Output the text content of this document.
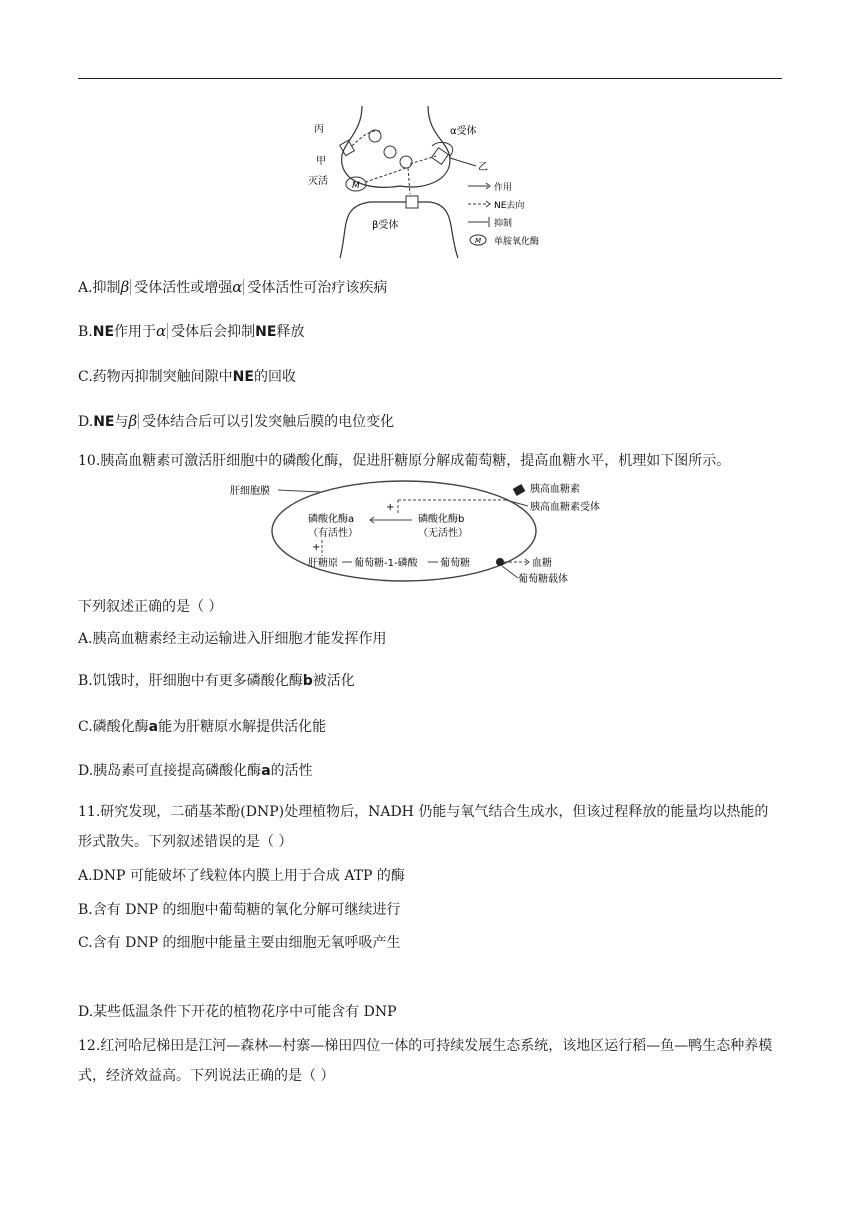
M
丙
甲
灭活
α受体
乙
β受体
作用
NE去向
抑制
M 单胺氧化酶
A.抑制β 受体活性或增强α 受体活性可治疗该疾病
B.NE作用于α 受体后会抑制NE释放
C.药物丙抑制突触间隙中NE的回收
D.NE与β 受体结合后可以引发突触后膜的电位变化
10.胰高血糖素可激活肝细胞中的磷酸化酶，促进肝糖原分解成葡萄糖，提高血糖水平，机理如下图所示。
肝细胞膜	胰高血糖素
胰高血糖素受体
+
磷酸化酶a
（有活性）
磷酸化酶b
（无活性）
+
肝糖原 葡萄糖-1-磷酸 葡萄糖	血糖
葡萄糖载体
下列叙述正确的是（ ）
A.胰高血糖素经主动运输进入肝细胞才能发挥作用
B.饥饿时，肝细胞中有更多磷酸化酶b被活化
C.磷酸化酶a能为肝糖原水解提供活化能
D.胰岛素可直接提高磷酸化酶a的活性
11.研究发现，二硝基苯酚(DNP)处理植物后，NADH 仍能与氧气结合生成水，但该过程释放的能量均以热能的形式散失。下列叙述错误的是（ ）
A.DNP 可能破坏了线粒体内膜上用于合成 ATP 的酶
B.含有 DNP 的细胞中葡萄糖的氧化分解可继续进行
C.含有 DNP 的细胞中能量主要由细胞无氧呼吸产生
D.某些低温条件下开花的植物花序中可能含有 DNP
12.红河哈尼梯田是江河—森林—村寨—梯田四位一体的可持续发展生态系统，该地区运行稻—鱼—鸭生态种养模式，经济效益高。下列说法正确的是（ ）
